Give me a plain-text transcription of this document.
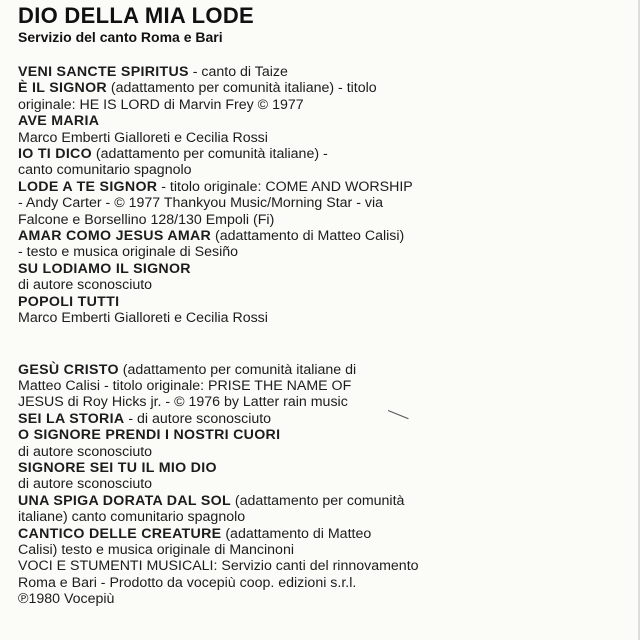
DIO DELLA MIA LODE
Servizio del canto Roma e Bari
VENI SANCTE SPIRITUS - canto di Taize
È IL SIGNOR (adattamento per comunità italiane) - titolo
originale: HE IS LORD di Marvin Frey © 1977
AVE MARIA
Marco Emberti Gialloreti e Cecilia Rossi
IO TI DICO (adattamento per comunità italiane) -
canto comunitario spagnolo
LODE A TE SIGNOR - titolo originale: COME AND WORSHIP
- Andy Carter - © 1977 Thankyou Music/Morning Star - via
Falcone e Borsellino 128/130 Empoli (Fi)
AMAR COMO JESUS AMAR (adattamento di Matteo Calisi)
- testo e musica originale di Sesiño
SU LODIAMO IL SIGNOR
di autore sconosciuto
POPOLI TUTTI
Marco Emberti Gialloreti e Cecilia Rossi
GESÙ CRISTO (adattamento per comunità italiane di
Matteo Calisi - titolo originale: PRISE THE NAME OF
JESUS di Roy Hicks jr. - © 1976 by Latter rain music
SEI LA STORIA - di autore sconosciuto
O SIGNORE PRENDI I NOSTRI CUORI
di autore sconosciuto
SIGNORE SEI TU IL MIO DIO
di autore sconosciuto
UNA SPIGA DORATA DAL SOL (adattamento per comunità
italiane) canto comunitario spagnolo
CANTICO DELLE CREATURE (adattamento di Matteo
Calisi) testo e musica originale di Mancinoni
VOCI E STUMENTI MUSICALI: Servizio canti del rinnovamento
Roma e Bari - Prodotto da vocepiù coop. edizioni s.r.l.
℗1980 Vocepiù
